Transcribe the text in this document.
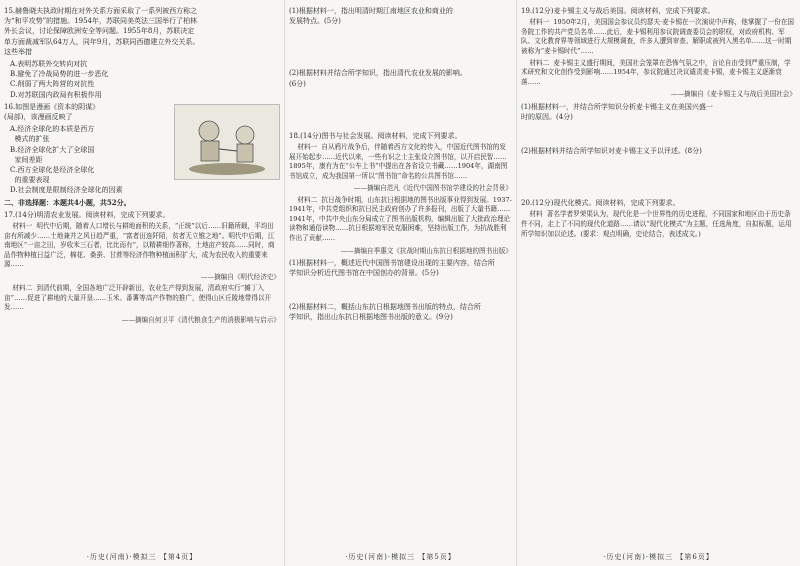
15.赫鲁晓夫执政时期在对外关系方面采取了一系列被西方称之
为“和平攻势”的措施。1954年，苏联同美英法三国举行了柏林
外长会议，讨论保障欧洲安全等问题。1955年8月，苏联决定
单方面裁减军队64万人，同年9月，苏联同西德建立外交关系。
这些举措
A.表明苏联外交转向对抗
B.避免了冷战局势的进一步恶化
C.削弱了两大阵营的对抗性
D.对苏联国内政局有积极作用
16.如图是漫画《资本的阴谋》
(局部)，该漫画反映了
A.经济全球化的本质是西方
模式的扩张
B.经济全球化扩大了全球国
家间差距
C.西方全球化是经济全球化
的重要表现
D.社会制度是限制经济全球化的因素
二、非选择题：本题共4小题，共52分。
17.(14分)明清农业发展。阅读材料，完成下列要求。
材料一  明代中后期，随着人口增长与耕地面积的关系，“正统”以后……旧籍所载，平均田亩有所减少……土地兼并之风日趋严重，“富者田连阡陌，贫者无立锥之地”。明代中后期，江南地区“一亩之田，岁收米三石者，比比而有”，以精耕细作著称，土地亩产较高……同时，商品作物种植日益广泛，棉花、桑蚕、甘蔗等经济作物种植面积扩大，成为农民收入的重要来源……
——摘编自《明代经济史》
材料二  到清代前期，全国各地广泛开辟新田，农业生产得到发展，清政府实行“摊丁入亩”……促进了耕地的大量开垦……玉米、番薯等高产作物的推广，使得山区丘陵地带得以开发……
——摘编自何卫平《清代粮食生产的消极影响与启示》
·历史(河南)·模拟三 【第4页】
(1)根据材料一，指出明清时期江南地区农业和商业的
发展特点。(5分)
(2)根据材料并结合所学知识，指出清代农业发展的影响。
(6分)
18.(14分)图书与社会发展。阅读材料，完成下列要求。
材料一  自从鸦片战争后，伴随着西方文化的传入，中国近代图书馆的发展开始起步……近代以来，一些有识之士主张设立图书馆，以开启民智……1895年，康有为在“公车上书”中提出在各省设立书藏……1904年，湖南图书馆成立，成为我国第一所以“图书馆”命名的公共图书馆……
——摘编自范凡《近代中国图书馆学建设的社会背景》
材料二  抗日战争时期，山东抗日根据地的图书出版事业得到发展。1937-1941年，中共党组织和抗日民主政府创办了许多报刊，出版了大量书籍……1941年，中共中央山东分局成立了图书出版机构，编辑出版了大批政治理论读物和通俗读物……抗日根据地军民克服困难，坚持出版工作，为抗战胜利作出了贡献……
——摘编自季惠文《抗战时期山东抗日根据地的图书出版》
(1)根据材料一，概述近代中国图书馆建设出现的主要内容，结合所
学知识分析近代图书馆在中国创办的背景。(5分)
(2)根据材料二，概括山东抗日根据地图书出版的特点，结合所
学知识，指出山东抗日根据地图书出版的意义。(9分)
·历史(河南)·模拟三 【第5页】
19.(12分)麦卡锡主义与战后美国。阅读材料，完成下列要求。
材料一  1950年2月，美国国会参议员约瑟夫·麦卡锡在一次演说中声称，他掌握了一份在国务院工作的共产党员名单……此后，麦卡锡利用参议院调查委员会的职权，对政府机构、军队、文化教育界等领域进行大规模调查，许多人遭到审查、解职或被列入黑名单……这一时期被称为“麦卡锡时代”……
材料二  麦卡锡主义盛行期间，美国社会笼罩在恐怖气氛之中，言论自由受到严重压制，学术研究和文化创作受到影响……1954年，参议院通过决议谴责麦卡锡，麦卡锡主义逐渐衰落……
——摘编自《麦卡锡主义与战后美国社会》
(1)根据材料一，并结合所学知识分析麦卡锡主义在美国兴盛一
时的原因。(4分)
(2)根据材料并结合所学知识对麦卡锡主义予以评述。(8分)
20.(12分)现代化模式。阅读材料，完成下列要求。
材料  著名学者罗荣渠认为，现代化是一个世界性的历史进程，不同国家和地区由于历史条件不同，走上了不同的现代化道路……请以“现代化模式”为主题，任选角度，自拟标题，运用所学知识加以论述。(要求：观点明确，史论结合，表述成文。)
·历史(河南)·模拟三 【第6页】
